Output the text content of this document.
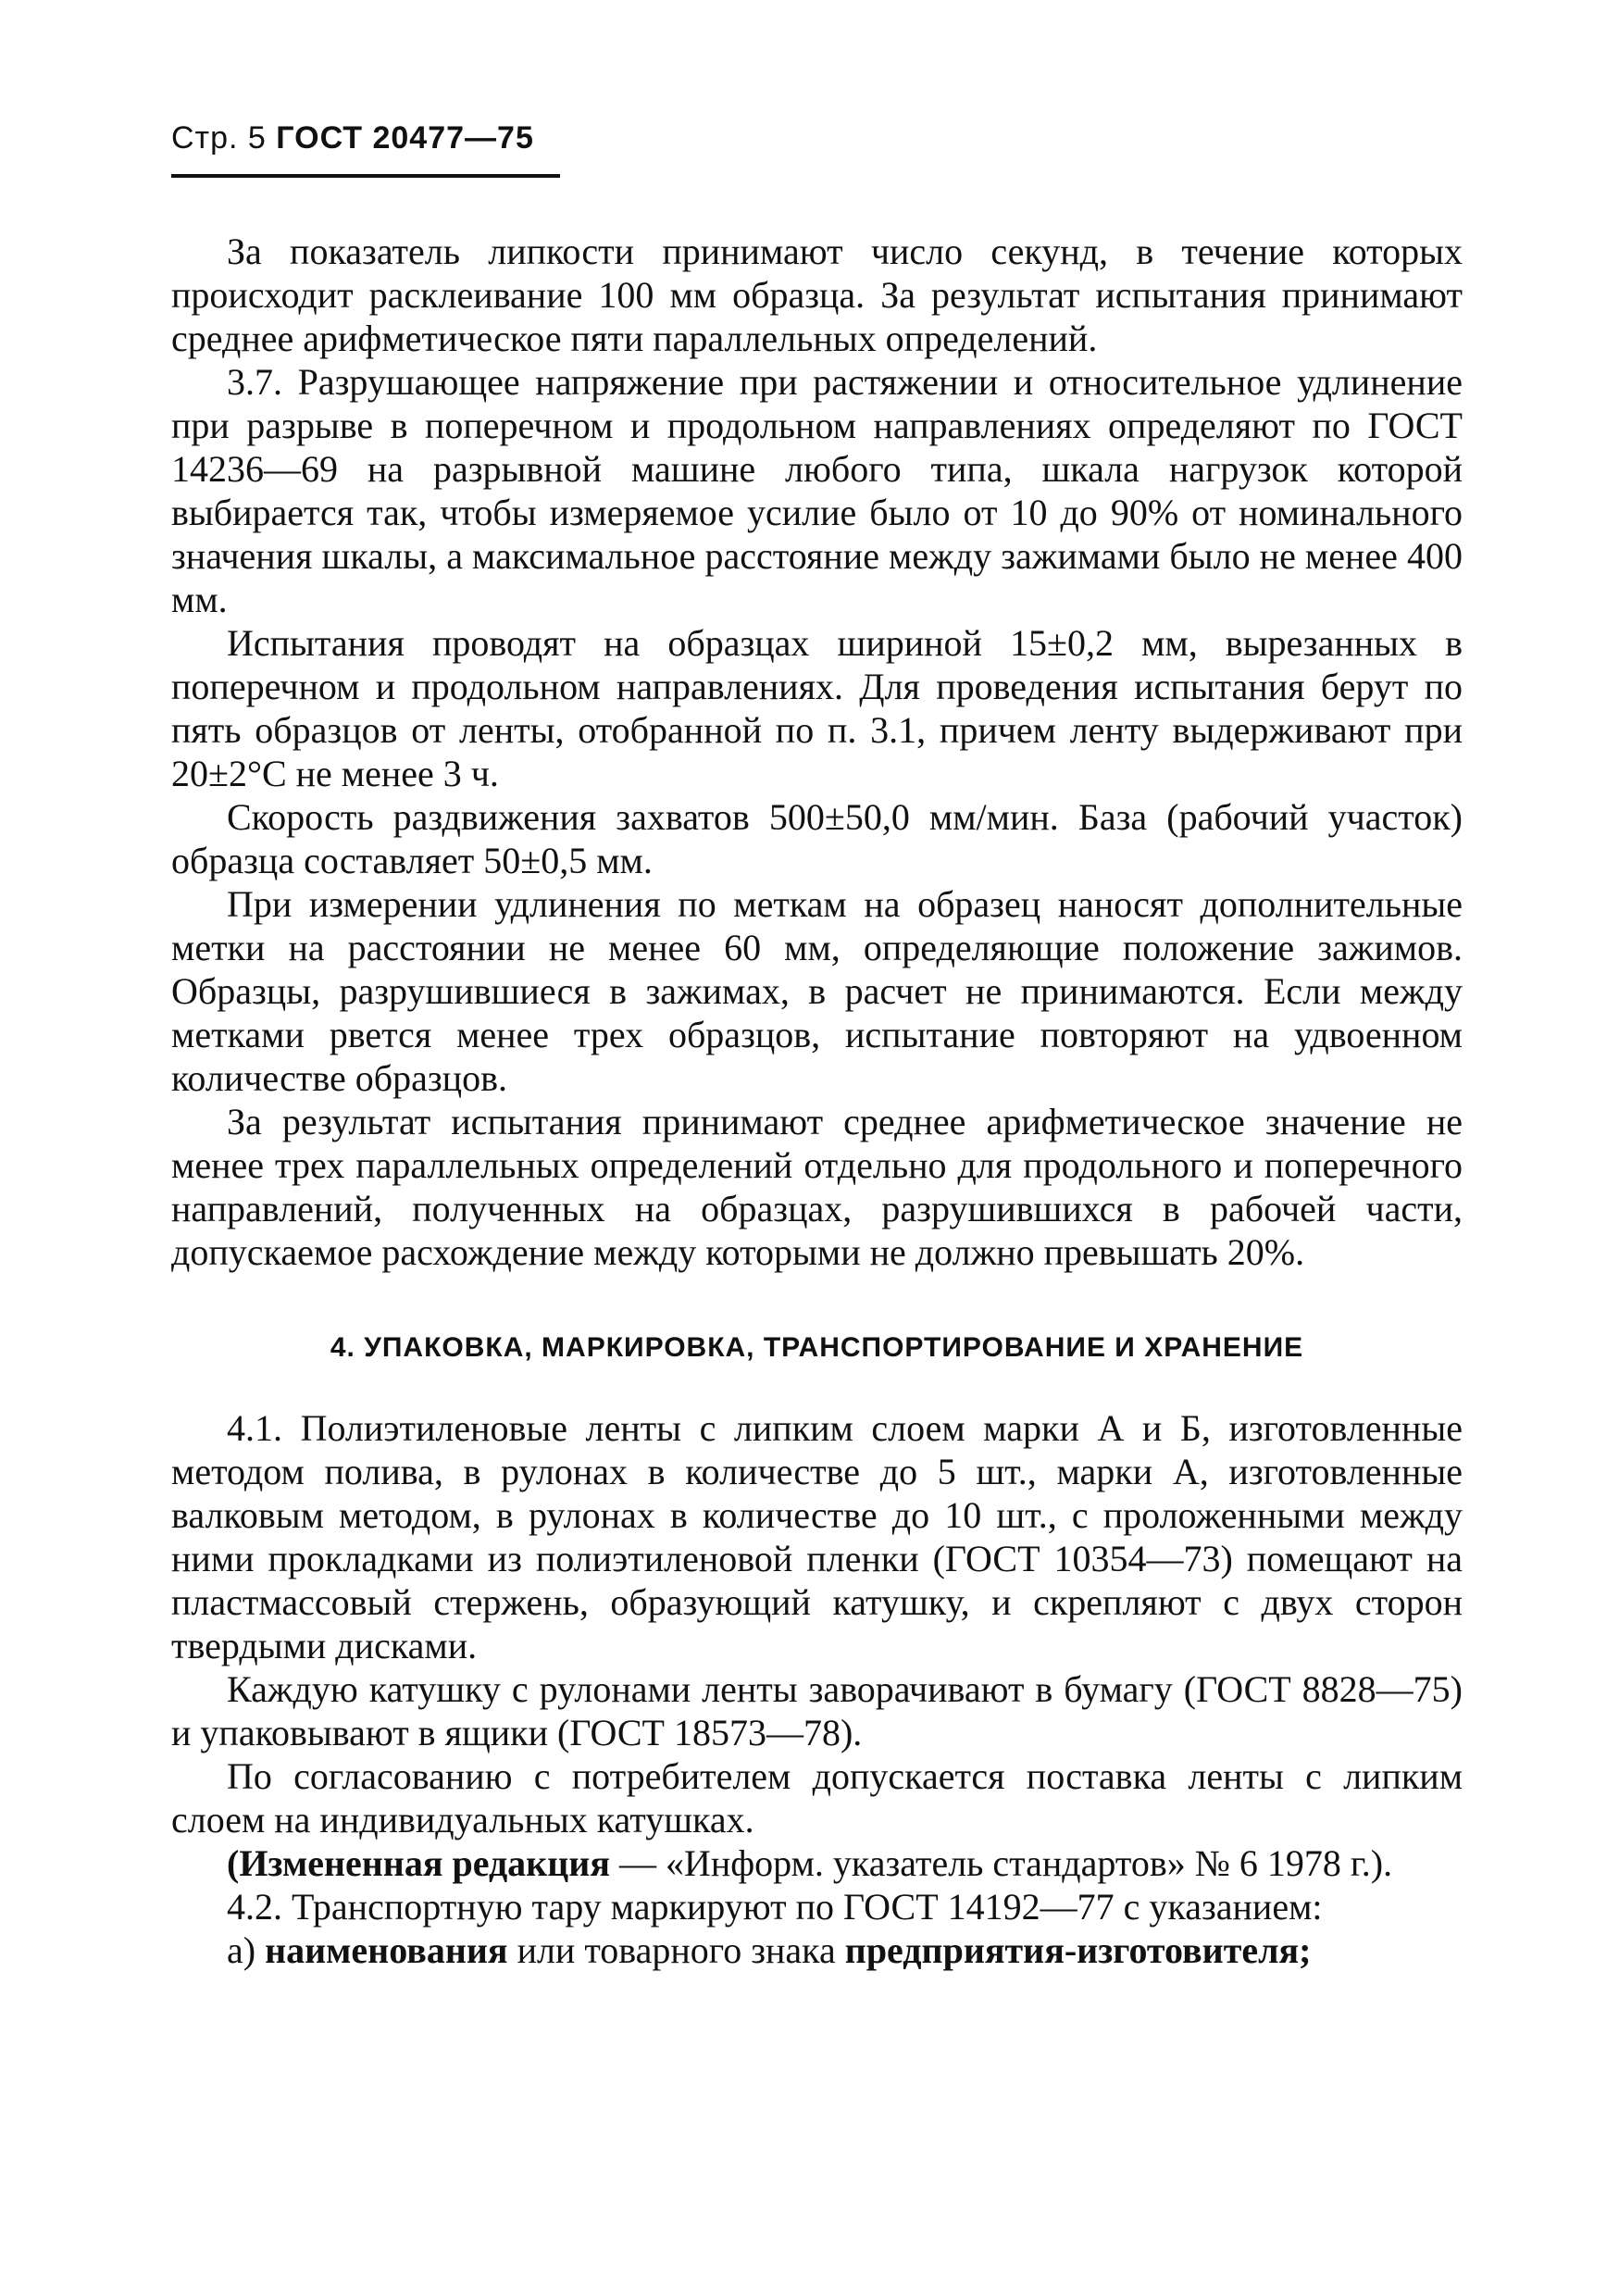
Стр. 5 ГОСТ 20477—75

За показатель липкости принимают число секунд, в течение которых происходит расклеивание 100 мм образца. За результат испытания принимают среднее арифметическое пяти параллельных определений.

3.7. Разрушающее напряжение при растяжении и относительное удлинение при разрыве в поперечном и продольном направлениях определяют по ГОСТ 14236—69 на разрывной машине любого типа, шкала нагрузок которой выбирается так, чтобы измеряемое усилие было от 10 до 90% от номинального значения шкалы, а максимальное расстояние между зажимами было не менее 400 мм.

Испытания проводят на образцах шириной 15±0,2 мм, вырезанных в поперечном и продольном направлениях. Для проведения испытания берут по пять образцов от ленты, отобранной по п. 3.1, причем ленту выдерживают при 20±2°С не менее 3 ч.

Скорость раздвижения захватов 500±50,0 мм/мин. База (рабочий участок) образца составляет 50±0,5 мм.

При измерении удлинения по меткам на образец наносят дополнительные метки на расстоянии не менее 60 мм, определяющие положение зажимов. Образцы, разрушившиеся в зажимах, в расчет не принимаются. Если между метками рвется менее трех образцов, испытание повторяют на удвоенном количестве образцов.

За результат испытания принимают среднее арифметическое значение не менее трех параллельных определений отдельно для продольного и поперечного направлений, полученных на образцах, разрушившихся в рабочей части, допускаемое расхождение между которыми не должно превышать 20%.

4. УПАКОВКА, МАРКИРОВКА, ТРАНСПОРТИРОВАНИЕ И ХРАНЕНИЕ

4.1. Полиэтиленовые ленты с липким слоем марки А и Б, изготовленные методом полива, в рулонах в количестве до 5 шт., марки А, изготовленные валковым методом, в рулонах в количестве до 10 шт., с проложенными между ними прокладками из полиэтиленовой пленки (ГОСТ 10354—73) помещают на пластмассовый стержень, образующий катушку, и скрепляют с двух сторон твердыми дисками.

Каждую катушку с рулонами ленты заворачивают в бумагу (ГОСТ 8828—75) и упаковывают в ящики (ГОСТ 18573—78).

По согласованию с потребителем допускается поставка ленты с липким слоем на индивидуальных катушках.

(Измененная редакция — «Информ. указатель стандартов» № 6 1978 г.).

4.2. Транспортную тару маркируют по ГОСТ 14192—77 с указанием:

а) наименования или товарного знака предприятия-изготовителя;
